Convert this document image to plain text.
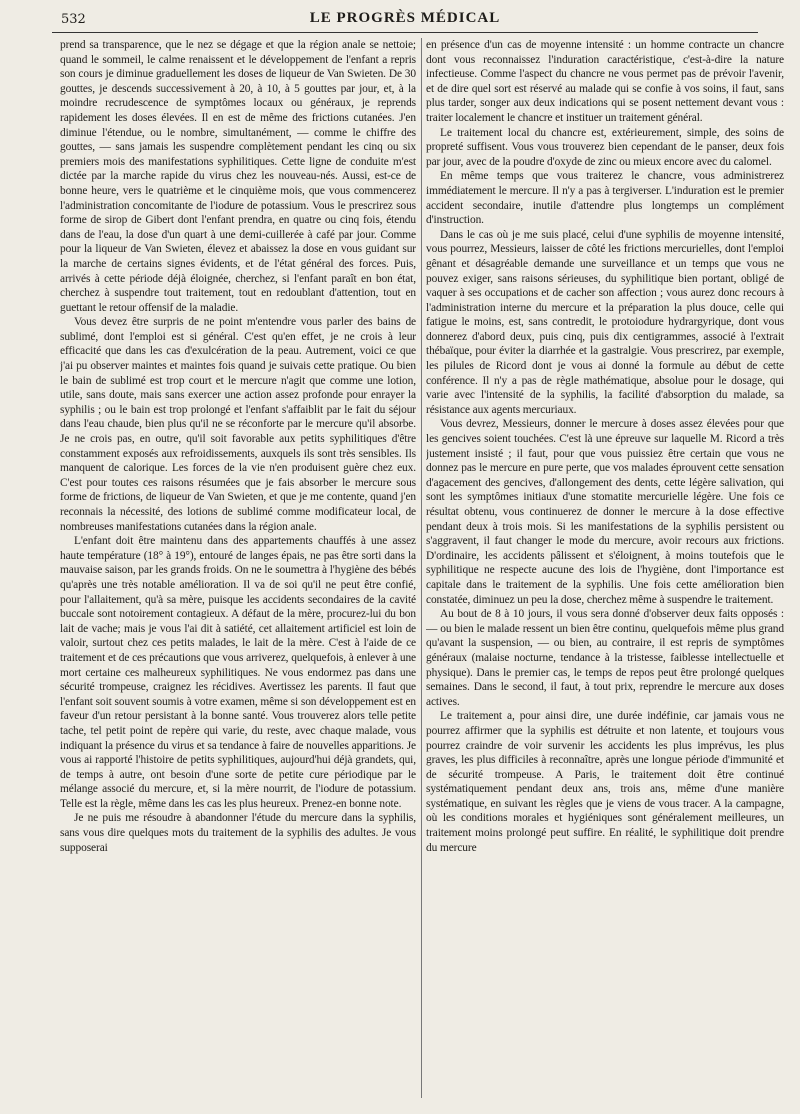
532	LE PROGRÈS MÉDICAL

prend sa transparence, que le nez se dégage et que la région anale se nettoie; quand le sommeil, le calme renaissent et le développement de l'enfant a repris son cours je diminue graduellement les doses de liqueur de Van Swieten. De 30 gouttes, je descends successivement à 20, à 10, à 5 gouttes par jour, et, à la moindre recrudescence de symptômes locaux ou généraux, je reprends rapidement les doses élevées. Il en est de même des frictions cutanées. J'en diminue l'étendue, ou le nombre, simultanément, — comme le chiffre des gouttes, — sans jamais les suspendre complètement pendant les cinq ou six premiers mois des manifestations syphilitiques. Cette ligne de conduite m'est dictée par la marche rapide du virus chez les nouveau-nés. Aussi, est-ce de bonne heure, vers le quatrième et le cinquième mois, que vous commencerez l'administration concomitante de l'iodure de potassium. Vous le prescrirez sous forme de sirop de Gibert dont l'enfant prendra, en quatre ou cinq fois, étendu dans de l'eau, la dose d'un quart à une demi-cuillerée à café par jour. Comme pour la liqueur de Van Swieten, élevez et abaissez la dose en vous guidant sur la marche de certains signes évidents, et de l'état général des forces. Puis, arrivés à cette période déjà éloignée, cherchez, si l'enfant paraît en bon état, cherchez à suspendre tout traitement, tout en redoublant d'attention, tout en guettant le retour offensif de la maladie.

Vous devez être surpris de ne point m'entendre vous parler des bains de sublimé, dont l'emploi est si général. C'est qu'en effet, je ne crois à leur efficacité que dans les cas d'exulcération de la peau. Autrement, voici ce que j'ai pu observer maintes et maintes fois quand je suivais cette pratique. Ou bien le bain de sublimé est trop court et le mercure n'agit que comme une lotion, utile, sans doute, mais sans exercer une action assez profonde pour enrayer la syphilis ; ou le bain est trop prolongé et l'enfant s'affaiblit par le fait du séjour dans l'eau chaude, bien plus qu'il ne se réconforte par le mercure qu'il absorbe. Je ne crois pas, en outre, qu'il soit favorable aux petits syphilitiques d'être constamment exposés aux refroidissements, auxquels ils sont très sensibles. Ils manquent de calorique. Les forces de la vie n'en produisent guère chez eux. C'est pour toutes ces raisons résumées que je fais absorber le mercure sous forme de frictions, de liqueur de Van Swieten, et que je me contente, quand j'en reconnais la nécessité, des lotions de sublimé comme modificateur local, de nombreuses manifestations cutanées dans la région anale.

L'enfant doit être maintenu dans des appartements chauffés à une assez haute température (18° à 19°), entouré de langes épais, ne pas être sorti dans la mauvaise saison, par les grands froids. On ne le soumettra à l'hygiène des bébés qu'après une très notable amélioration. Il va de soi qu'il ne peut être confié, pour l'allaitement, qu'à sa mère, puisque les accidents secondaires de la cavité buccale sont notoirement contagieux. A défaut de la mère, procurez-lui du bon lait de vache; mais je vous l'ai dit à satiété, cet allaitement artificiel est loin de valoir, surtout chez ces petits malades, le lait de la mère. C'est à l'aide de ce traitement et de ces précautions que vous arriverez, quelquefois, à enlever à une mort certaine ces malheureux syphilitiques. Ne vous endormez pas dans une sécurité trompeuse, craignez les récidives. Avertissez les parents. Il faut que l'enfant soit souvent soumis à votre examen, même si son développement est en faveur d'un retour persistant à la bonne santé. Vous trouverez alors telle petite tache, tel petit point de repère qui varie, du reste, avec chaque malade, vous indiquant la présence du virus et sa tendance à faire de nouvelles apparitions. Je vous ai rapporté l'histoire de petits syphilitiques, aujourd'hui déjà grandets, qui, de temps à autre, ont besoin d'une sorte de petite cure périodique par le mélange associé du mercure, et, si la mère nourrit, de l'iodure de potassium. Telle est la règle, même dans les cas les plus heureux. Prenez-en bonne note.

Je ne puis me résoudre à abandonner l'étude du mercure dans la syphilis, sans vous dire quelques mots du traitement de la syphilis des adultes. Je vous supposerai

en présence d'un cas de moyenne intensité : un homme contracte un chancre dont vous reconnaissez l'induration caractéristique, c'est-à-dire la nature infectieuse. Comme l'aspect du chancre ne vous permet pas de prévoir l'avenir, et de dire quel sort est réservé au malade qui se confie à vos soins, il faut, sans plus tarder, songer aux deux indications qui se posent nettement devant vous : traiter localement le chancre et instituer un traitement général.

Le traitement local du chancre est, extérieurement, simple, des soins de propreté suffisent. Vous vous trouverez bien cependant de le panser, deux fois par jour, avec de la poudre d'oxyde de zinc ou mieux encore avec du calomel.

En même temps que vous traiterez le chancre, vous administrerez immédiatement le mercure. Il n'y a pas à tergiverser. L'induration est le premier accident secondaire, inutile d'attendre plus longtemps un complément d'instruction.

Dans le cas où je me suis placé, celui d'une syphilis de moyenne intensité, vous pourrez, Messieurs, laisser de côté les frictions mercurielles, dont l'emploi gênant et désagréable demande une surveillance et un temps que vous ne pouvez exiger, sans raisons sérieuses, du syphilitique bien portant, obligé de vaquer à ses occupations et de cacher son affection ; vous aurez donc recours à l'administration interne du mercure et la préparation la plus douce, celle qui fatigue le moins, est, sans contredit, le protoiodure hydrargyrique, dont vous donnerez d'abord deux, puis cinq, puis dix centigrammes, associé à l'extrait thébaïque, pour éviter la diarrhée et la gastralgie. Vous prescrirez, par exemple, les pilules de Ricord dont je vous ai donné la formule au début de cette conférence. Il n'y a pas de règle mathématique, absolue pour le dosage, qui varie avec l'intensité de la syphilis, la facilité d'absorption du malade, sa résistance aux agents mercuriaux.

Vous devrez, Messieurs, donner le mercure à doses assez élevées pour que les gencives soient touchées. C'est là une épreuve sur laquelle M. Ricord a très justement insisté ; il faut, pour que vous puissiez être certain que vous ne donnez pas le mercure en pure perte, que vos malades éprouvent cette sensation d'agacement des gencives, d'allongement des dents, cette légère salivation, qui sont les symptômes initiaux d'une stomatite mercurielle légère. Une fois ce résultat obtenu, vous continuerez de donner le mercure à la dose effective pendant deux à trois mois. Si les manifestations de la syphilis persistent ou s'aggravent, il faut changer le mode du mercure, avoir recours aux frictions. D'ordinaire, les accidents pâlissent et s'éloignent, à moins toutefois que le syphilitique ne respecte aucune des lois de l'hygiène, dont l'importance est capitale dans le traitement de la syphilis. Une fois cette amélioration bien constatée, diminuez un peu la dose, cherchez même à suspendre le traitement.

Au bout de 8 à 10 jours, il vous sera donné d'observer deux faits opposés : — ou bien le malade ressent un bien être continu, quelquefois même plus grand qu'avant la suspension, — ou bien, au contraire, il est repris de symptômes généraux (malaise nocturne, tendance à la tristesse, faiblesse intellectuelle et physique). Dans le premier cas, le temps de repos peut être prolongé quelques semaines. Dans le second, il faut, à tout prix, reprendre le mercure aux doses actives.

Le traitement a, pour ainsi dire, une durée indéfinie, car jamais vous ne pourrez affirmer que la syphilis est détruite et non latente, et toujours vous pourrez craindre de voir survenir les accidents les plus imprévus, les plus graves, les plus difficiles à reconnaître, après une longue période d'immunité et de sécurité trompeuse. A Paris, le traitement doit être continué systématiquement pendant deux ans, trois ans, même d'une manière systématique, en suivant les règles que je viens de vous tracer. A la campagne, où les conditions morales et hygiéniques sont généralement meilleures, un traitement moins prolongé peut suffire. En réalité, le syphilitique doit prendre du mercure
